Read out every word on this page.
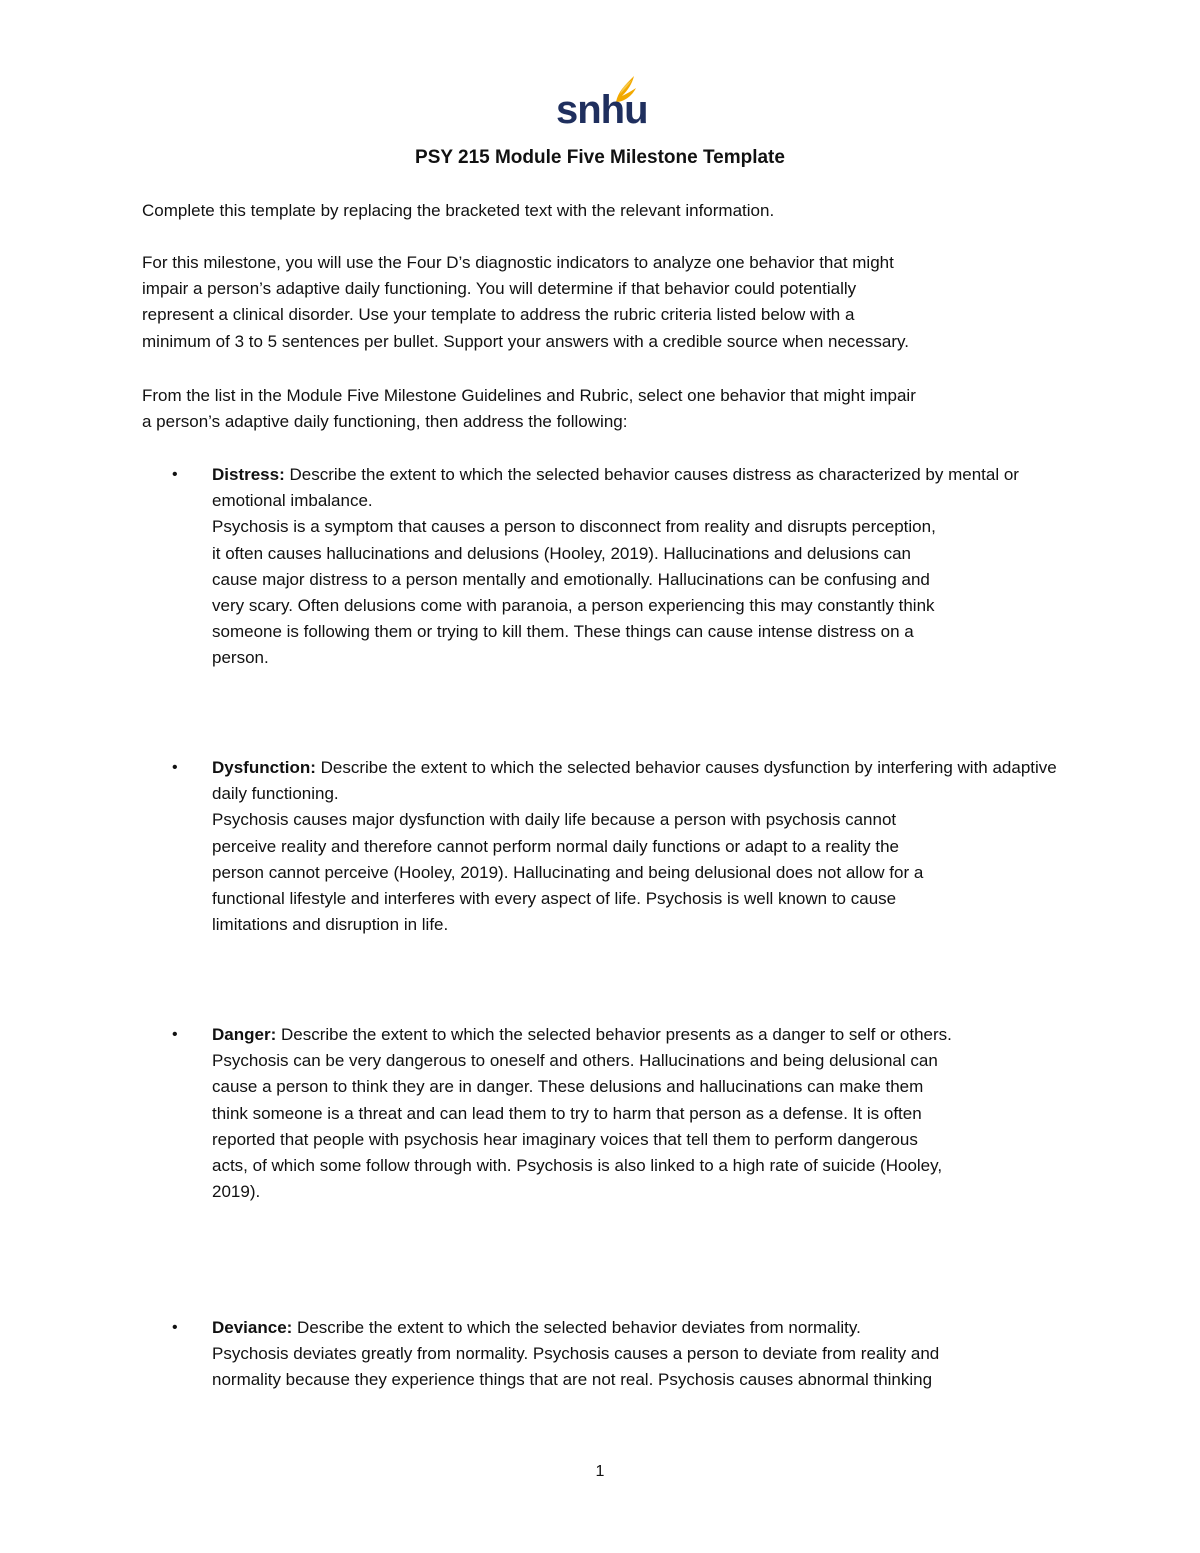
snhu
PSY 215 Module Five Milestone Template
Complete this template by replacing the bracketed text with the relevant information.
For this milestone, you will use the Four D’s diagnostic indicators to analyze one behavior that might
impair a person’s adaptive daily functioning. You will determine if that behavior could potentially
represent a clinical disorder. Use your template to address the rubric criteria listed below with a
minimum of 3 to 5 sentences per bullet. Support your answers with a credible source when necessary.
From the list in the Module Five Milestone Guidelines and Rubric, select one behavior that might impair
a person’s adaptive daily functioning, then address the following:
• Distress: Describe the extent to which the selected behavior causes distress as characterized by mental or emotional imbalance.
Psychosis is a symptom that causes a person to disconnect from reality and disrupts perception,
it often causes hallucinations and delusions (Hooley, 2019). Hallucinations and delusions can
cause major distress to a person mentally and emotionally. Hallucinations can be confusing and
very scary. Often delusions come with paranoia, a person experiencing this may constantly think
someone is following them or trying to kill them. These things can cause intense distress on a
person.
• Dysfunction: Describe the extent to which the selected behavior causes dysfunction by interfering with adaptive daily functioning.
Psychosis causes major dysfunction with daily life because a person with psychosis cannot
perceive reality and therefore cannot perform normal daily functions or adapt to a reality the
person cannot perceive (Hooley, 2019). Hallucinating and being delusional does not allow for a
functional lifestyle and interferes with every aspect of life. Psychosis is well known to cause
limitations and disruption in life.
• Danger: Describe the extent to which the selected behavior presents as a danger to self or others.
Psychosis can be very dangerous to oneself and others. Hallucinations and being delusional can
cause a person to think they are in danger. These delusions and hallucinations can make them
think someone is a threat and can lead them to try to harm that person as a defense. It is often
reported that people with psychosis hear imaginary voices that tell them to perform dangerous
acts, of which some follow through with. Psychosis is also linked to a high rate of suicide (Hooley,
2019).
• Deviance: Describe the extent to which the selected behavior deviates from normality.
Psychosis deviates greatly from normality. Psychosis causes a person to deviate from reality and
normality because they experience things that are not real. Psychosis causes abnormal thinking
1
